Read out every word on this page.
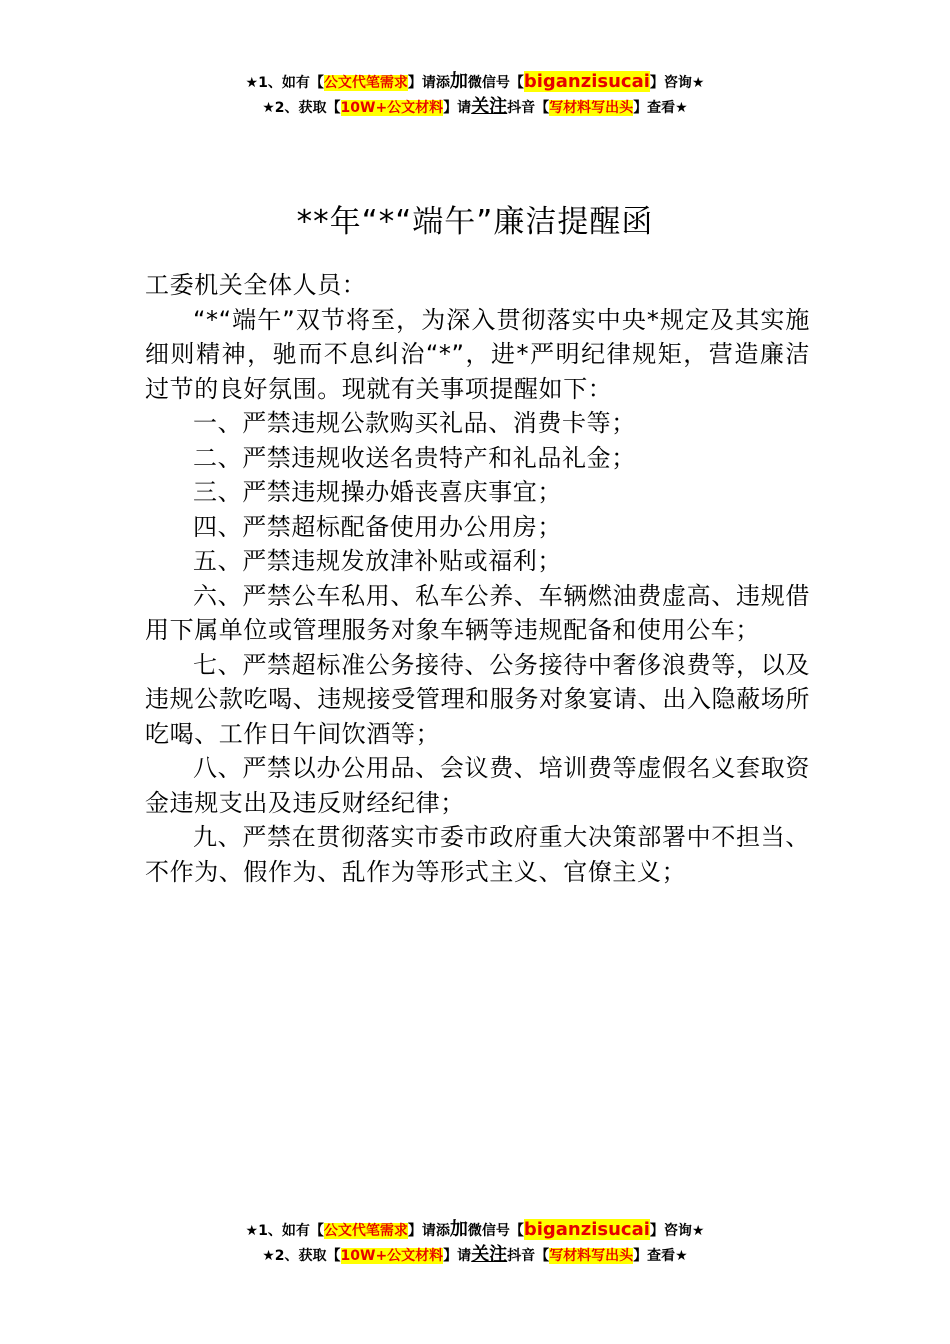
★1、如有【公文代笔需求】请添加微信号【biganzisucai】咨询★
★2、获取【10W+公文材料】请关注抖音【写材料写出头】查看★
**年“*“端午”廉洁提醒函

工委机关全体人员：

“*“端午”双节将至，为深入贯彻落实中央*规定及其实施细则精神，驰而不息纠治“*”，进*严明纪律规矩，营造廉洁过节的良好氛围。现就有关事项提醒如下：

一、严禁违规公款购买礼品、消费卡等；

二、严禁违规收送名贵特产和礼品礼金；

三、严禁违规操办婚丧喜庆事宜；

四、严禁超标配备使用办公用房；

五、严禁违规发放津补贴或福利；

六、严禁公车私用、私车公养、车辆燃油费虚高、违规借用下属单位或管理服务对象车辆等违规配备和使用公车；

七、严禁超标准公务接待、公务接待中奢侈浪费等，以及违规公款吃喝、违规接受管理和服务对象宴请、出入隐蔽场所吃喝、工作日午间饮酒等；

八、严禁以办公用品、会议费、培训费等虚假名义套取资金违规支出及违反财经纪律；

九、严禁在贯彻落实市委市政府重大决策部署中不担当、不作为、假作为、乱作为等形式主义、官僚主义；

★1、如有【公文代笔需求】请添加微信号【biganzisucai】咨询★
★2、获取【10W+公文材料】请关注抖音【写材料写出头】查看★
